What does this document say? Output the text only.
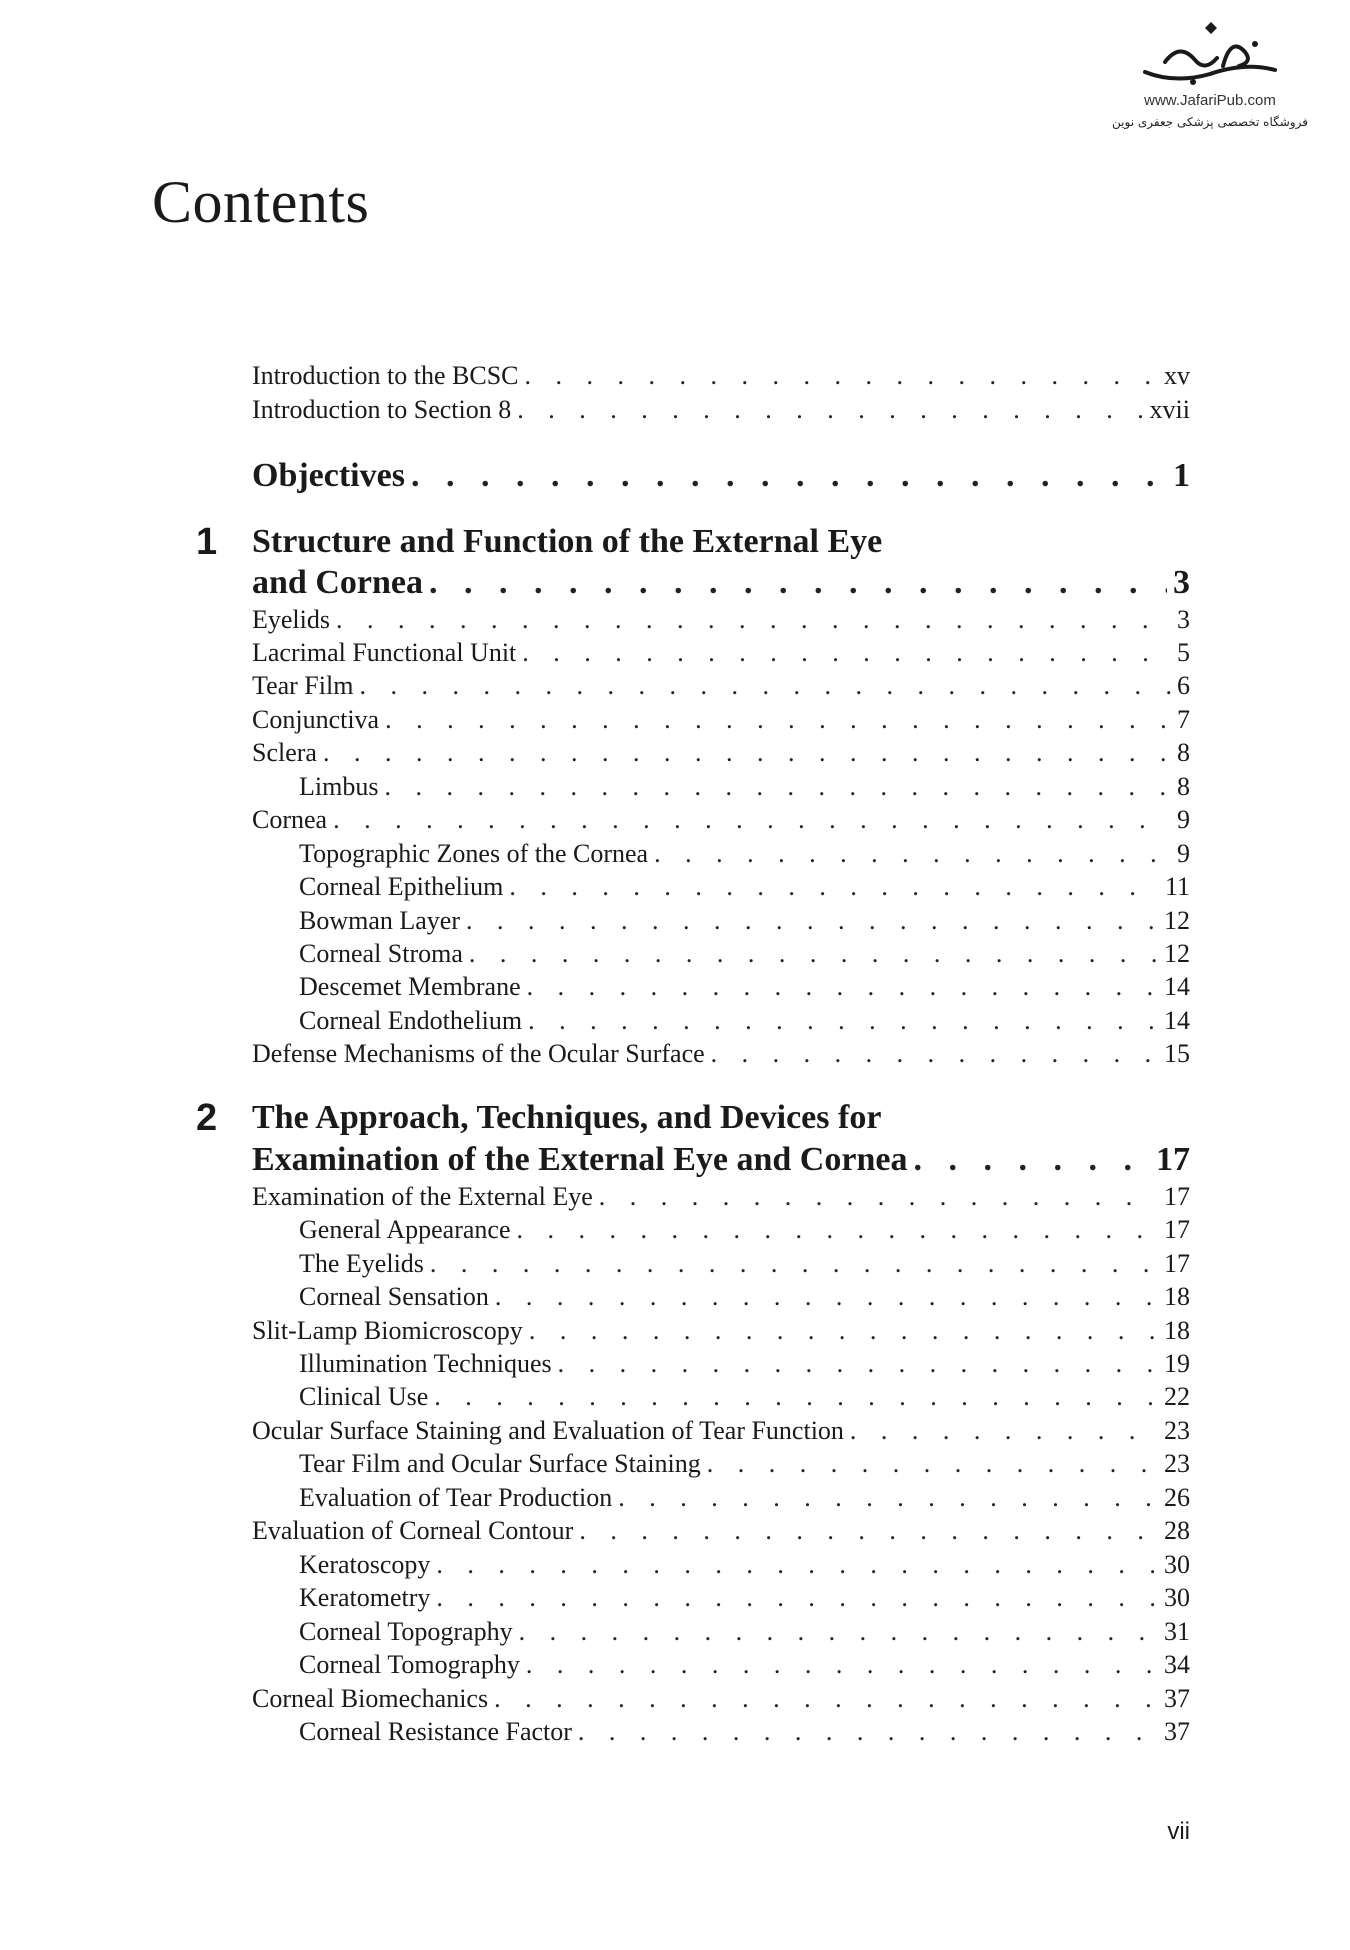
www.JafariPub.com
فروشگاه تخصصی پزشکی جعفری نوین
Contents
Introduction to the BCSC . . .	xv
Introduction to Section 8 . . .	xvii
Objectives . . .	1
1 Structure and Function of the External Eye
and Cornea . . .	3
Eyelids . . .	3
Lacrimal Functional Unit . . .	5
Tear Film . . .	6
Conjunctiva . . .	7
Sclera . . .	8
Limbus . . .	8
Cornea . . .	9
Topographic Zones of the Cornea . . .	9
Corneal Epithelium . . .	11
Bowman Layer . . .	12
Corneal Stroma . . .	12
Descemet Membrane . . .	14
Corneal Endothelium . . .	14
Defense Mechanisms of the Ocular Surface . . .	15
2 The Approach, Techniques, and Devices for
Examination of the External Eye and Cornea . . .	17
Examination of the External Eye . . .	17
General Appearance . . .	17
The Eyelids . . .	17
Corneal Sensation . . .	18
Slit-Lamp Biomicroscopy . . .	18
Illumination Techniques . . .	19
Clinical Use . . .	22
Ocular Surface Staining and Evaluation of Tear Function . . .	23
Tear Film and Ocular Surface Staining . . .	23
Evaluation of Tear Production . . .	26
Evaluation of Corneal Contour . . .	28
Keratoscopy . . .	30
Keratometry . . .	30
Corneal Topography . . .	31
Corneal Tomography . . .	34
Corneal Biomechanics . . .	37
Corneal Resistance Factor . . .	37
vii
